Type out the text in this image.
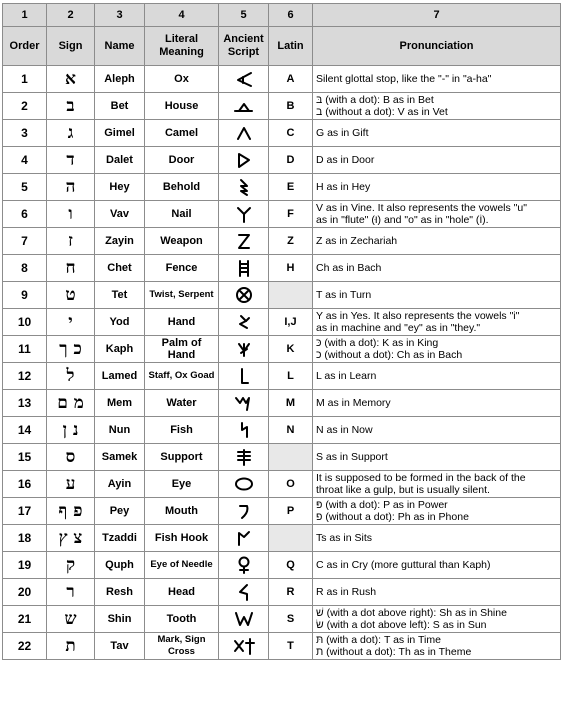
1	2	3	4	5	6	7
Order	Sign	Name	Literal Meaning	Ancient Script	Latin	Pronunciation
1	א	Aleph	Ox		A	Silent glottal stop, like the "-" in "a-ha"

2	ב	Bet	House		B	בּ (with a dot): B as in Bet
ב (without a dot): V as in Vet

3	ג	Gimel	Camel		C	G as in Gift

4	ד	Dalet	Door		D	D as in Door

5	ה	Hey	Behold		E	H as in Hey

6	ו	Vav	Nail		F	V as in Vine. It also represents the vowels "u"
as in "flute" (וּ) and "o" as in "hole" (וֹ).

7	ז	Zayin	Weapon		Z	Z as in Zechariah

8	ח	Chet	Fence		H	Ch as in Bach

9	ט	Tet	Twist, Serpent			T as in Turn

10	י	Yod	Hand		I,J	Y as in Yes. It also represents the vowels "i"
as in machine and "ey" as in "they."

11	כ ך	Kaph	Palm of Hand		K	כּ (with a dot): K as in King
כ (without a dot): Ch as in Bach

12	ל	Lamed	Staff, Ox Goad		L	L as in Learn

13	מ ם	Mem	Water		M	M as in Memory

14	נ ן	Nun	Fish		N	N as in Now

15	ס	Samek	Support			S as in Support

16	ע	Ayin	Eye		O	It is supposed to be formed in the back of the
throat like a gulp, but is usually silent.

17	פ ף	Pey	Mouth		P	פּ (with a dot): P as in Power
פ (without a dot): Ph as in Phone

18	צ ץ	Tzaddi	Fish Hook			Ts as in Sits

19	ק	Quph	Eye of Needle		Q	C as in Cry (more guttural than Kaph)

20	ר	Resh	Head		R	R as in Rush

21	ש	Shin	Tooth		S	שׁ (with a dot above right): Sh as in Shine
שׂ (with a dot above left): S as in Sun

22	ת	Tav	Mark, Sign Cross		T	תּ (with a dot): T as in Time
ת (without a dot): Th as in Theme
